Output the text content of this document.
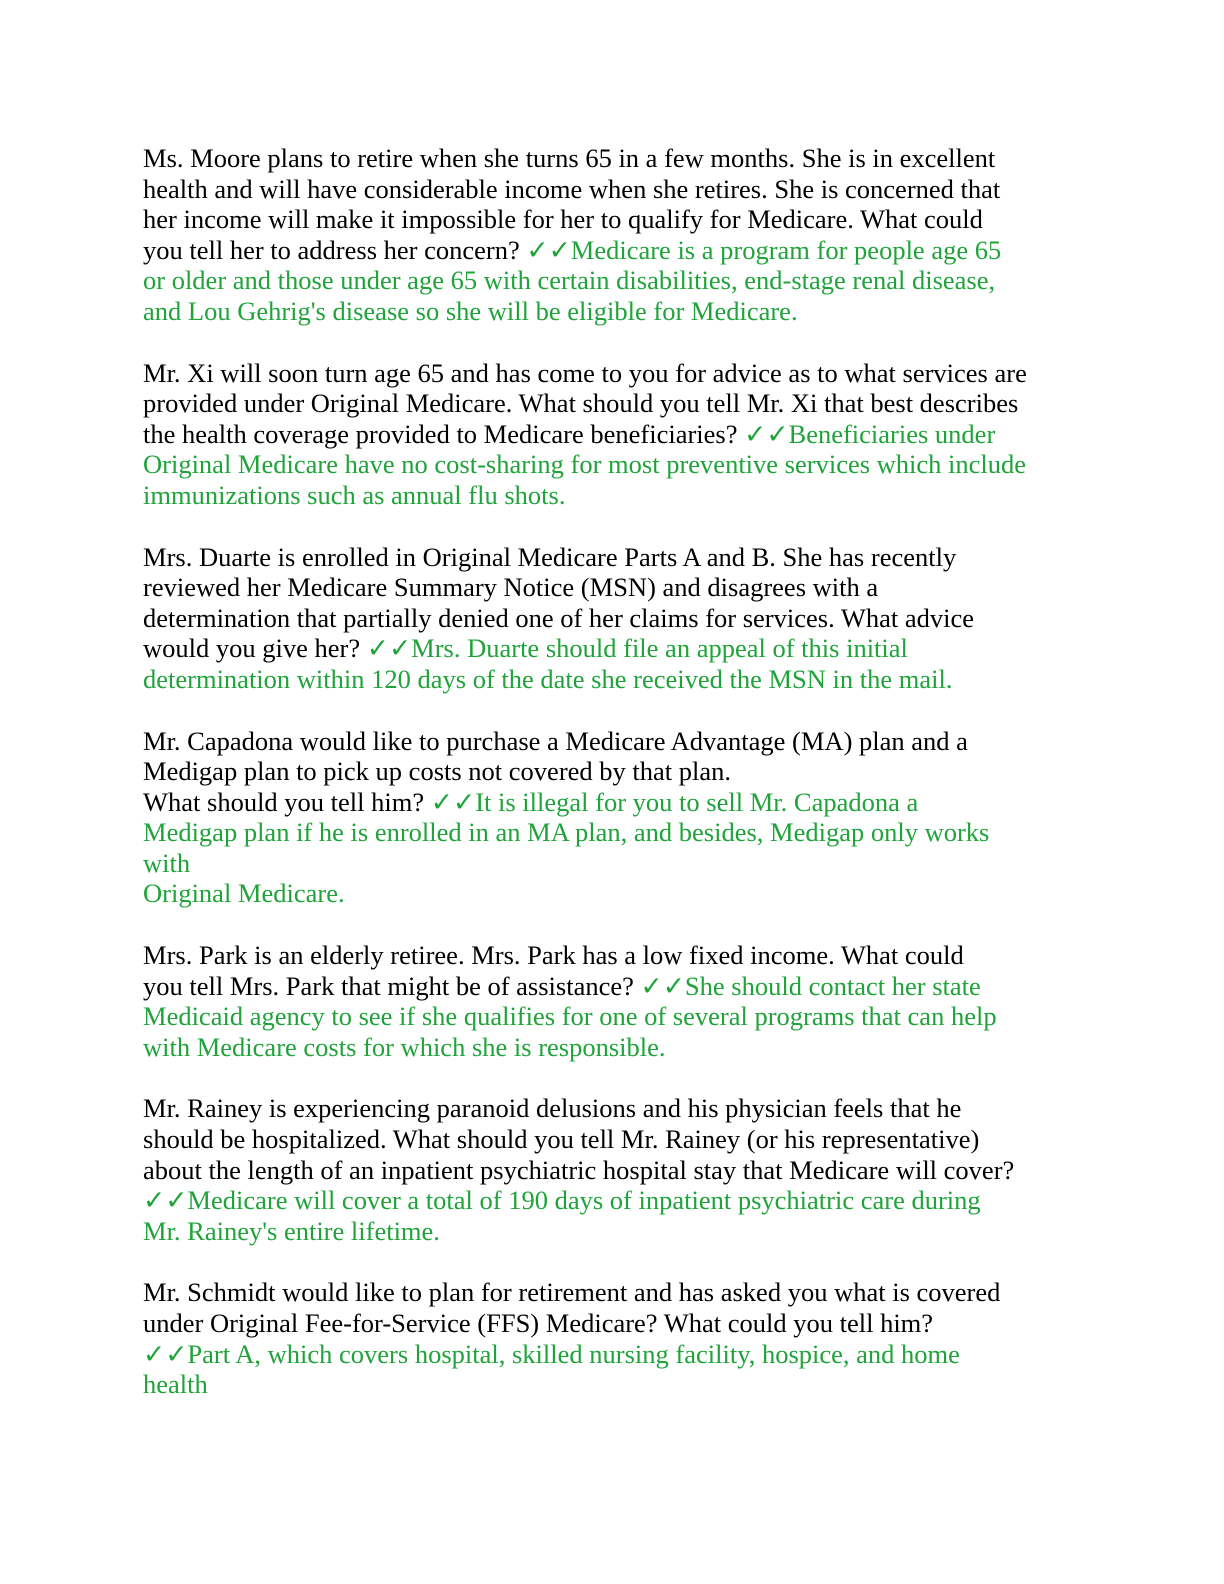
Ms. Moore plans to retire when she turns 65 in a few months. She is in excellent
health and will have considerable income when she retires. She is concerned that
her income will make it impossible for her to qualify for Medicare. What could
you tell her to address her concern? ✓✓Medicare is a program for people age 65
or older and those under age 65 with certain disabilities, end-stage renal disease,
and Lou Gehrig's disease so she will be eligible for Medicare.
Mr. Xi will soon turn age 65 and has come to you for advice as to what services are
provided under Original Medicare. What should you tell Mr. Xi that best describes
the health coverage provided to Medicare beneficiaries? ✓✓Beneficiaries under
Original Medicare have no cost-sharing for most preventive services which include
immunizations such as annual flu shots.
Mrs. Duarte is enrolled in Original Medicare Parts A and B. She has recently
reviewed her Medicare Summary Notice (MSN) and disagrees with a
determination that partially denied one of her claims for services. What advice
would you give her? ✓✓Mrs. Duarte should file an appeal of this initial
determination within 120 days of the date she received the MSN in the mail.
Mr. Capadona would like to purchase a Medicare Advantage (MA) plan and a
Medigap plan to pick up costs not covered by that plan.
What should you tell him? ✓✓It is illegal for you to sell Mr. Capadona a
Medigap plan if he is enrolled in an MA plan, and besides, Medigap only works
with
Original Medicare.
Mrs. Park is an elderly retiree. Mrs. Park has a low fixed income. What could
you tell Mrs. Park that might be of assistance? ✓✓She should contact her state
Medicaid agency to see if she qualifies for one of several programs that can help
with Medicare costs for which she is responsible.
Mr. Rainey is experiencing paranoid delusions and his physician feels that he
should be hospitalized. What should you tell Mr. Rainey (or his representative)
about the length of an inpatient psychiatric hospital stay that Medicare will cover?
✓✓Medicare will cover a total of 190 days of inpatient psychiatric care during
Mr. Rainey's entire lifetime.
Mr. Schmidt would like to plan for retirement and has asked you what is covered
under Original Fee-for-Service (FFS) Medicare? What could you tell him?
✓✓Part A, which covers hospital, skilled nursing facility, hospice, and home
health
